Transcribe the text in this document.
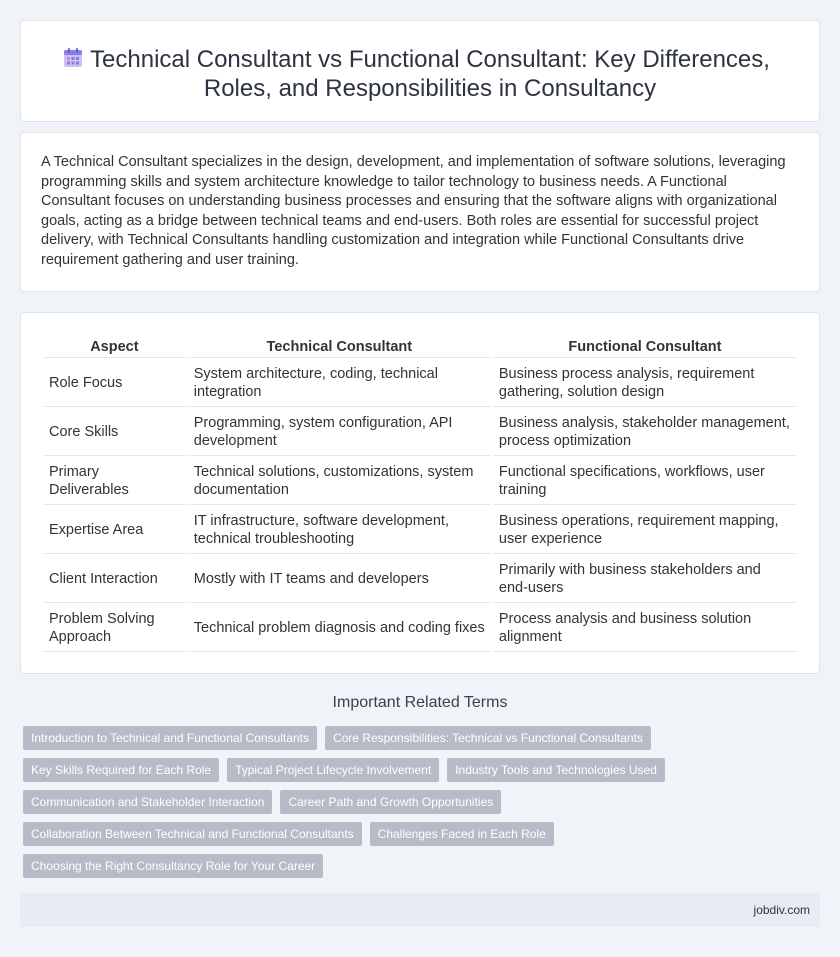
Technical Consultant vs Functional Consultant: Key Differences, Roles, and Responsibilities in Consultancy

A Technical Consultant specializes in the design, development, and implementation of software solutions, leveraging programming skills and system architecture knowledge to tailor technology to business needs. A Functional Consultant focuses on understanding business processes and ensuring that the software aligns with organizational goals, acting as a bridge between technical teams and end-users. Both roles are essential for successful project delivery, with Technical Consultants handling customization and integration while Functional Consultants drive requirement gathering and user training.

Aspect	Technical Consultant	Functional Consultant
Role Focus	System architecture, coding, technical integration	Business process analysis, requirement gathering, solution design
Core Skills	Programming, system configuration, API development	Business analysis, stakeholder management, process optimization
Primary Deliverables	Technical solutions, customizations, system documentation	Functional specifications, workflows, user training
Expertise Area	IT infrastructure, software development, technical troubleshooting	Business operations, requirement mapping, user experience
Client Interaction	Mostly with IT teams and developers	Primarily with business stakeholders and end-users
Problem Solving Approach	Technical problem diagnosis and coding fixes	Process analysis and business solution alignment
Important Related Terms
Introduction to Technical and Functional Consultants	Core Responsibilities: Technical vs Functional Consultants
Key Skills Required for Each Role	Typical Project Lifecycle Involvement	Industry Tools and Technologies Used
Communication and Stakeholder Interaction	Career Path and Growth Opportunities
Collaboration Between Technical and Functional Consultants	Challenges Faced in Each Role
Choosing the Right Consultancy Role for Your Career
jobdiv.com
